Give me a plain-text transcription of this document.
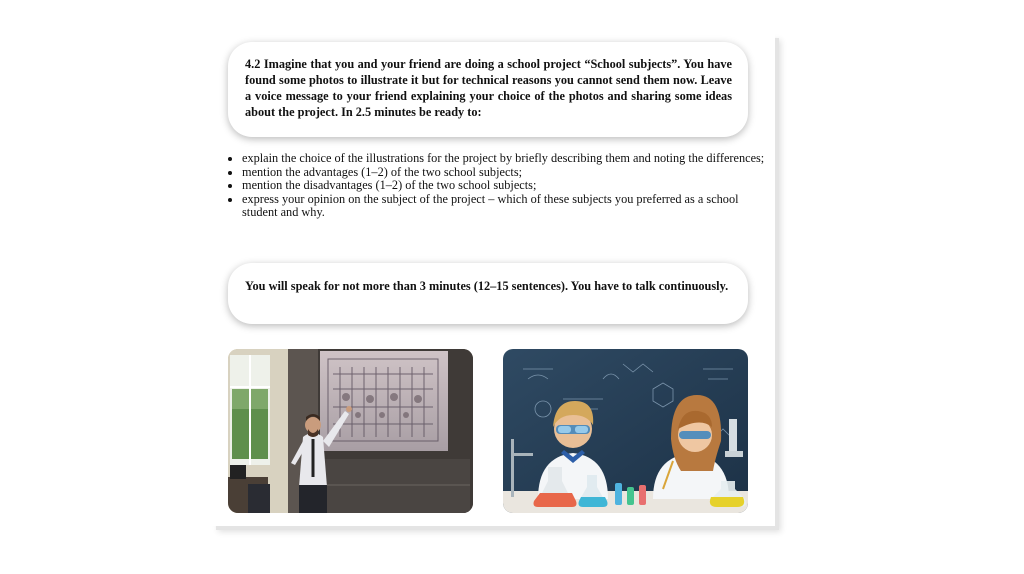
4.2 Imagine that you and your friend are doing a school project “School subjects”. You have found some photos to illustrate it but for technical reasons you cannot send them now. Leave a voice message to your friend explaining your choice of the photos and sharing some ideas about the project. In 2.5 minutes be ready to:
• explain the choice of the illustrations for the project by briefly describing them and noting the differences;
• mention the advantages (1–2) of the two school subjects;
• mention the disadvantages (1–2) of the two school subjects;
• express your opinion on the subject of the project – which of these subjects you preferred as a school student and why.
You will speak for not more than 3 minutes (12–15 sentences). You have to talk continuously.
